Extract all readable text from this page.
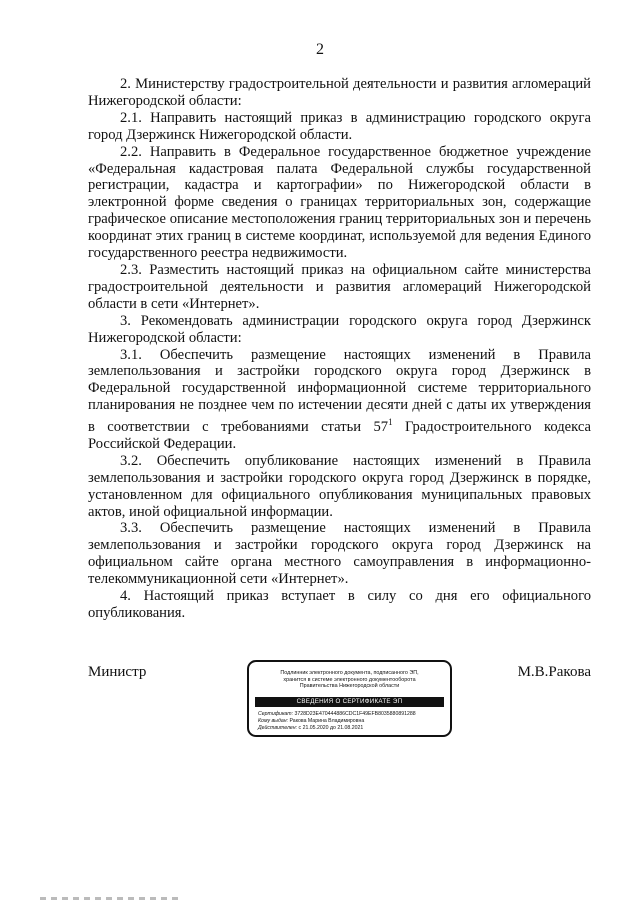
2

2. Министерству градостроительной деятельности и развития агломераций Нижегородской области:

2.1. Направить настоящий приказ в администрацию городского округа город Дзержинск Нижегородской области.

2.2. Направить в Федеральное государственное бюджетное учреждение «Федеральная кадастровая палата Федеральной службы государственной регистрации, кадастра и картографии» по Нижегородской области в электронной форме сведения о границах территориальных зон, содержащие графическое описание местоположения границ территориальных зон и перечень координат этих границ в системе координат, используемой для ведения Единого государственного реестра недвижимости.

2.3. Разместить настоящий приказ на официальном сайте министерства градостроительной деятельности и развития агломераций Нижегородской области в сети «Интернет».

3. Рекомендовать администрации городского округа город Дзержинск Нижегородской области:

3.1. Обеспечить размещение настоящих изменений в Правила землепользования и застройки городского округа город Дзержинск в Федеральной государственной информационной системе территориального планирования не позднее чем по истечении десяти дней с даты их утверждения в соответствии с требованиями статьи $57^1$ Градостроительного кодекса Российской Федерации.

3.2. Обеспечить опубликование настоящих изменений в Правила землепользования и застройки городского округа город Дзержинск в порядке, установленном для официального опубликования муниципальных правовых актов, иной официальной информации.

3.3. Обеспечить размещение настоящих изменений в Правила землепользования и застройки городского округа город Дзержинск на официальном сайте органа местного самоуправления в информационно-телекоммуникационной сети «Интернет».

4. Настоящий приказ вступает в силу со дня его официального опубликования.

Министр	Подлинник электронного документа, подписанного ЭП,
хранится в системе электронного документооборота
Правительства Нижегородской области
СВЕДЕНИЯ О СЕРТИФИКАТЕ ЭП
Сертификат: 3728D23E470444886CDC1F49EFB8035880891288
Кому выдан: Ракова Марина Владимировна
Действителен: с 21.05.2020 до 21.08.2021
М.В.Ракова
